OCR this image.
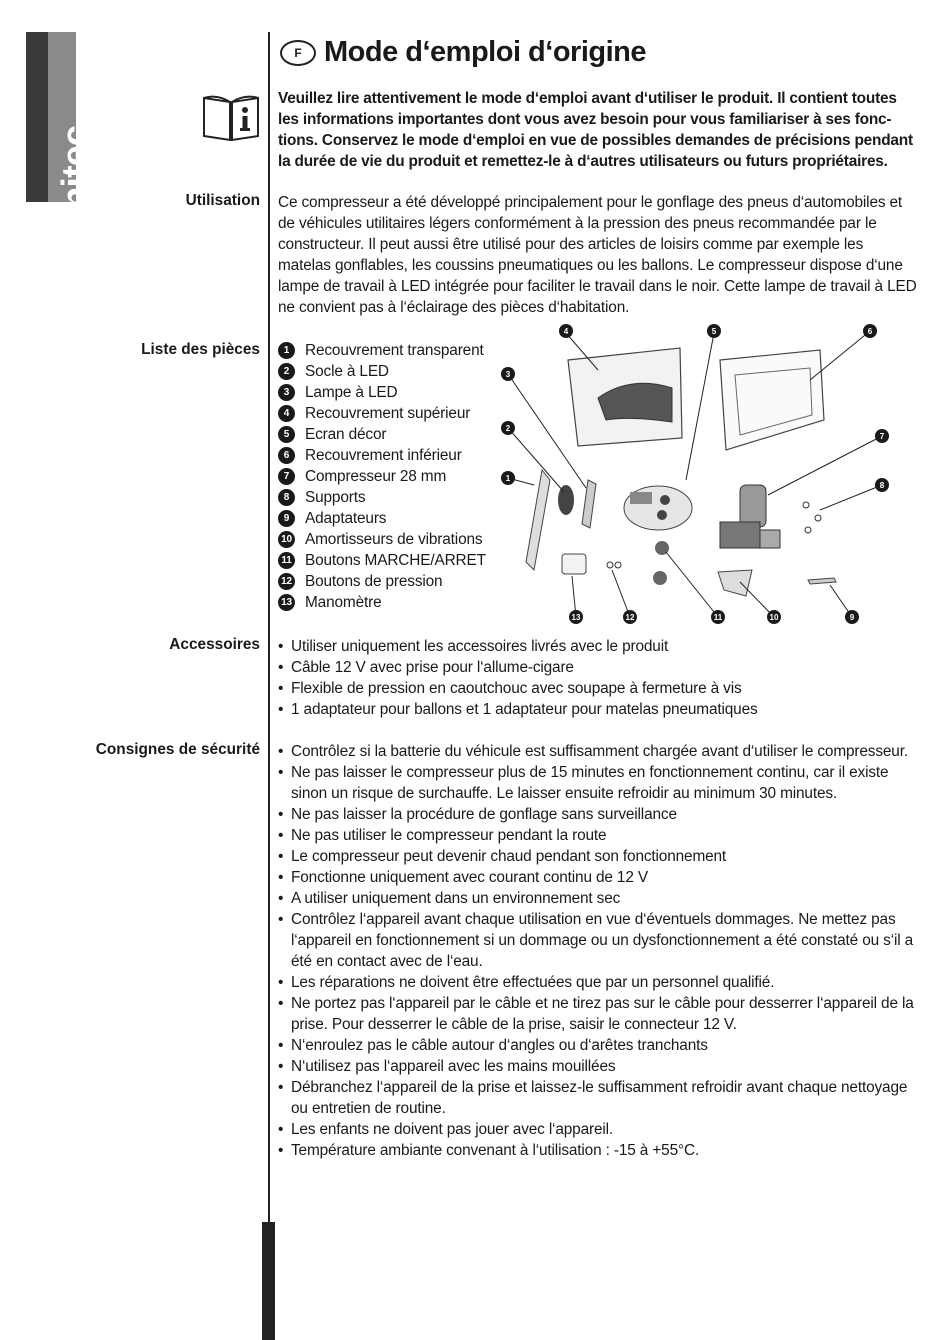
unitec
F Mode d‘emploi d‘origine
Veuillez lire attentivement le mode d‘emploi avant d‘utiliser le produit. Il contient toutes les informations importantes dont vous avez besoin pour vous familiariser à ses fonc-tions. Conservez le mode d‘emploi en vue de possibles demandes de précisions pendant la durée de vie du produit et remettez-le à d‘autres utilisateurs ou futurs propriétaires.
Utilisation Ce compresseur a été développé principalement pour le gonflage des pneus d‘automobiles et de véhicules utilitaires légers conformément à la pression des pneus recommandée par le constructeur. Il peut aussi être utilisé pour des articles de loisirs comme par exemple les matelas gonflables, les coussins pneumatiques ou les ballons. Le compresseur dispose d‘une lampe de travail à LED intégrée pour faciliter le travail dans le noir. Cette lampe de travail à LED ne convient pas à l‘éclairage des pièces d‘habitation.
Liste des pièces	1	Recouvrement transparent
2	Socle à LED
3	Lampe à LED
4	Recouvrement supérieur
5	Ecran décor
6	Recouvrement inférieur
7	Compresseur 28 mm
8	Supports
9	Adaptateurs
10 Amortisseurs de vibrations
11 Boutons MARCHE/ARRET
12 Boutons de pression
13 Manomètre
1
2
3
4	5	6
7
8
9
10
11
12
13
Accessoires	• Utiliser uniquement les accessoires livrés avec le produit
• Câble 12 V avec prise pour l‘allume-cigare
• Flexible de pression en caoutchouc avec soupape à fermeture à vis
• 1 adaptateur pour ballons et 1 adaptateur pour matelas pneumatiques
Consignes de sécurité	• Contrôlez si la batterie du véhicule est suffisamment chargée avant d‘utiliser le compresseur.
• Ne pas laisser le compresseur plus de 15 minutes en fonctionnement continu, car il existe sinon un risque de surchauffe. Le laisser ensuite refroidir au minimum 30 minutes.
• Ne pas laisser la procédure de gonflage sans surveillance
• Ne pas utiliser le compresseur pendant la route
• Le compresseur peut devenir chaud pendant son fonctionnement
• Fonctionne uniquement avec courant continu de 12 V
• A utiliser uniquement dans un environnement sec
• Contrôlez l‘appareil avant chaque utilisation en vue d‘éventuels dommages. Ne mettez pas l‘appareil en fonctionnement si un dommage ou un dysfonctionnement a été constaté ou s‘il a été en contact avec de l‘eau.
• Les réparations ne doivent être effectuées que par un personnel qualifié.
• Ne portez pas l‘appareil par le câble et ne tirez pas sur le câble pour desserrer l‘appareil de la prise. Pour desserrer le câble de la prise, saisir le connecteur 12 V.
• N‘enroulez pas le câble autour d‘angles ou d‘arêtes tranchants
• N‘utilisez pas l‘appareil avec les mains mouillées
• Débranchez l‘appareil de la prise et laissez-le suffisamment refroidir avant chaque nettoyage ou entretien de routine.
• Les enfants ne doivent pas jouer avec l‘appareil.
• Température ambiante convenant à l‘utilisation : -15 à +55°C.
